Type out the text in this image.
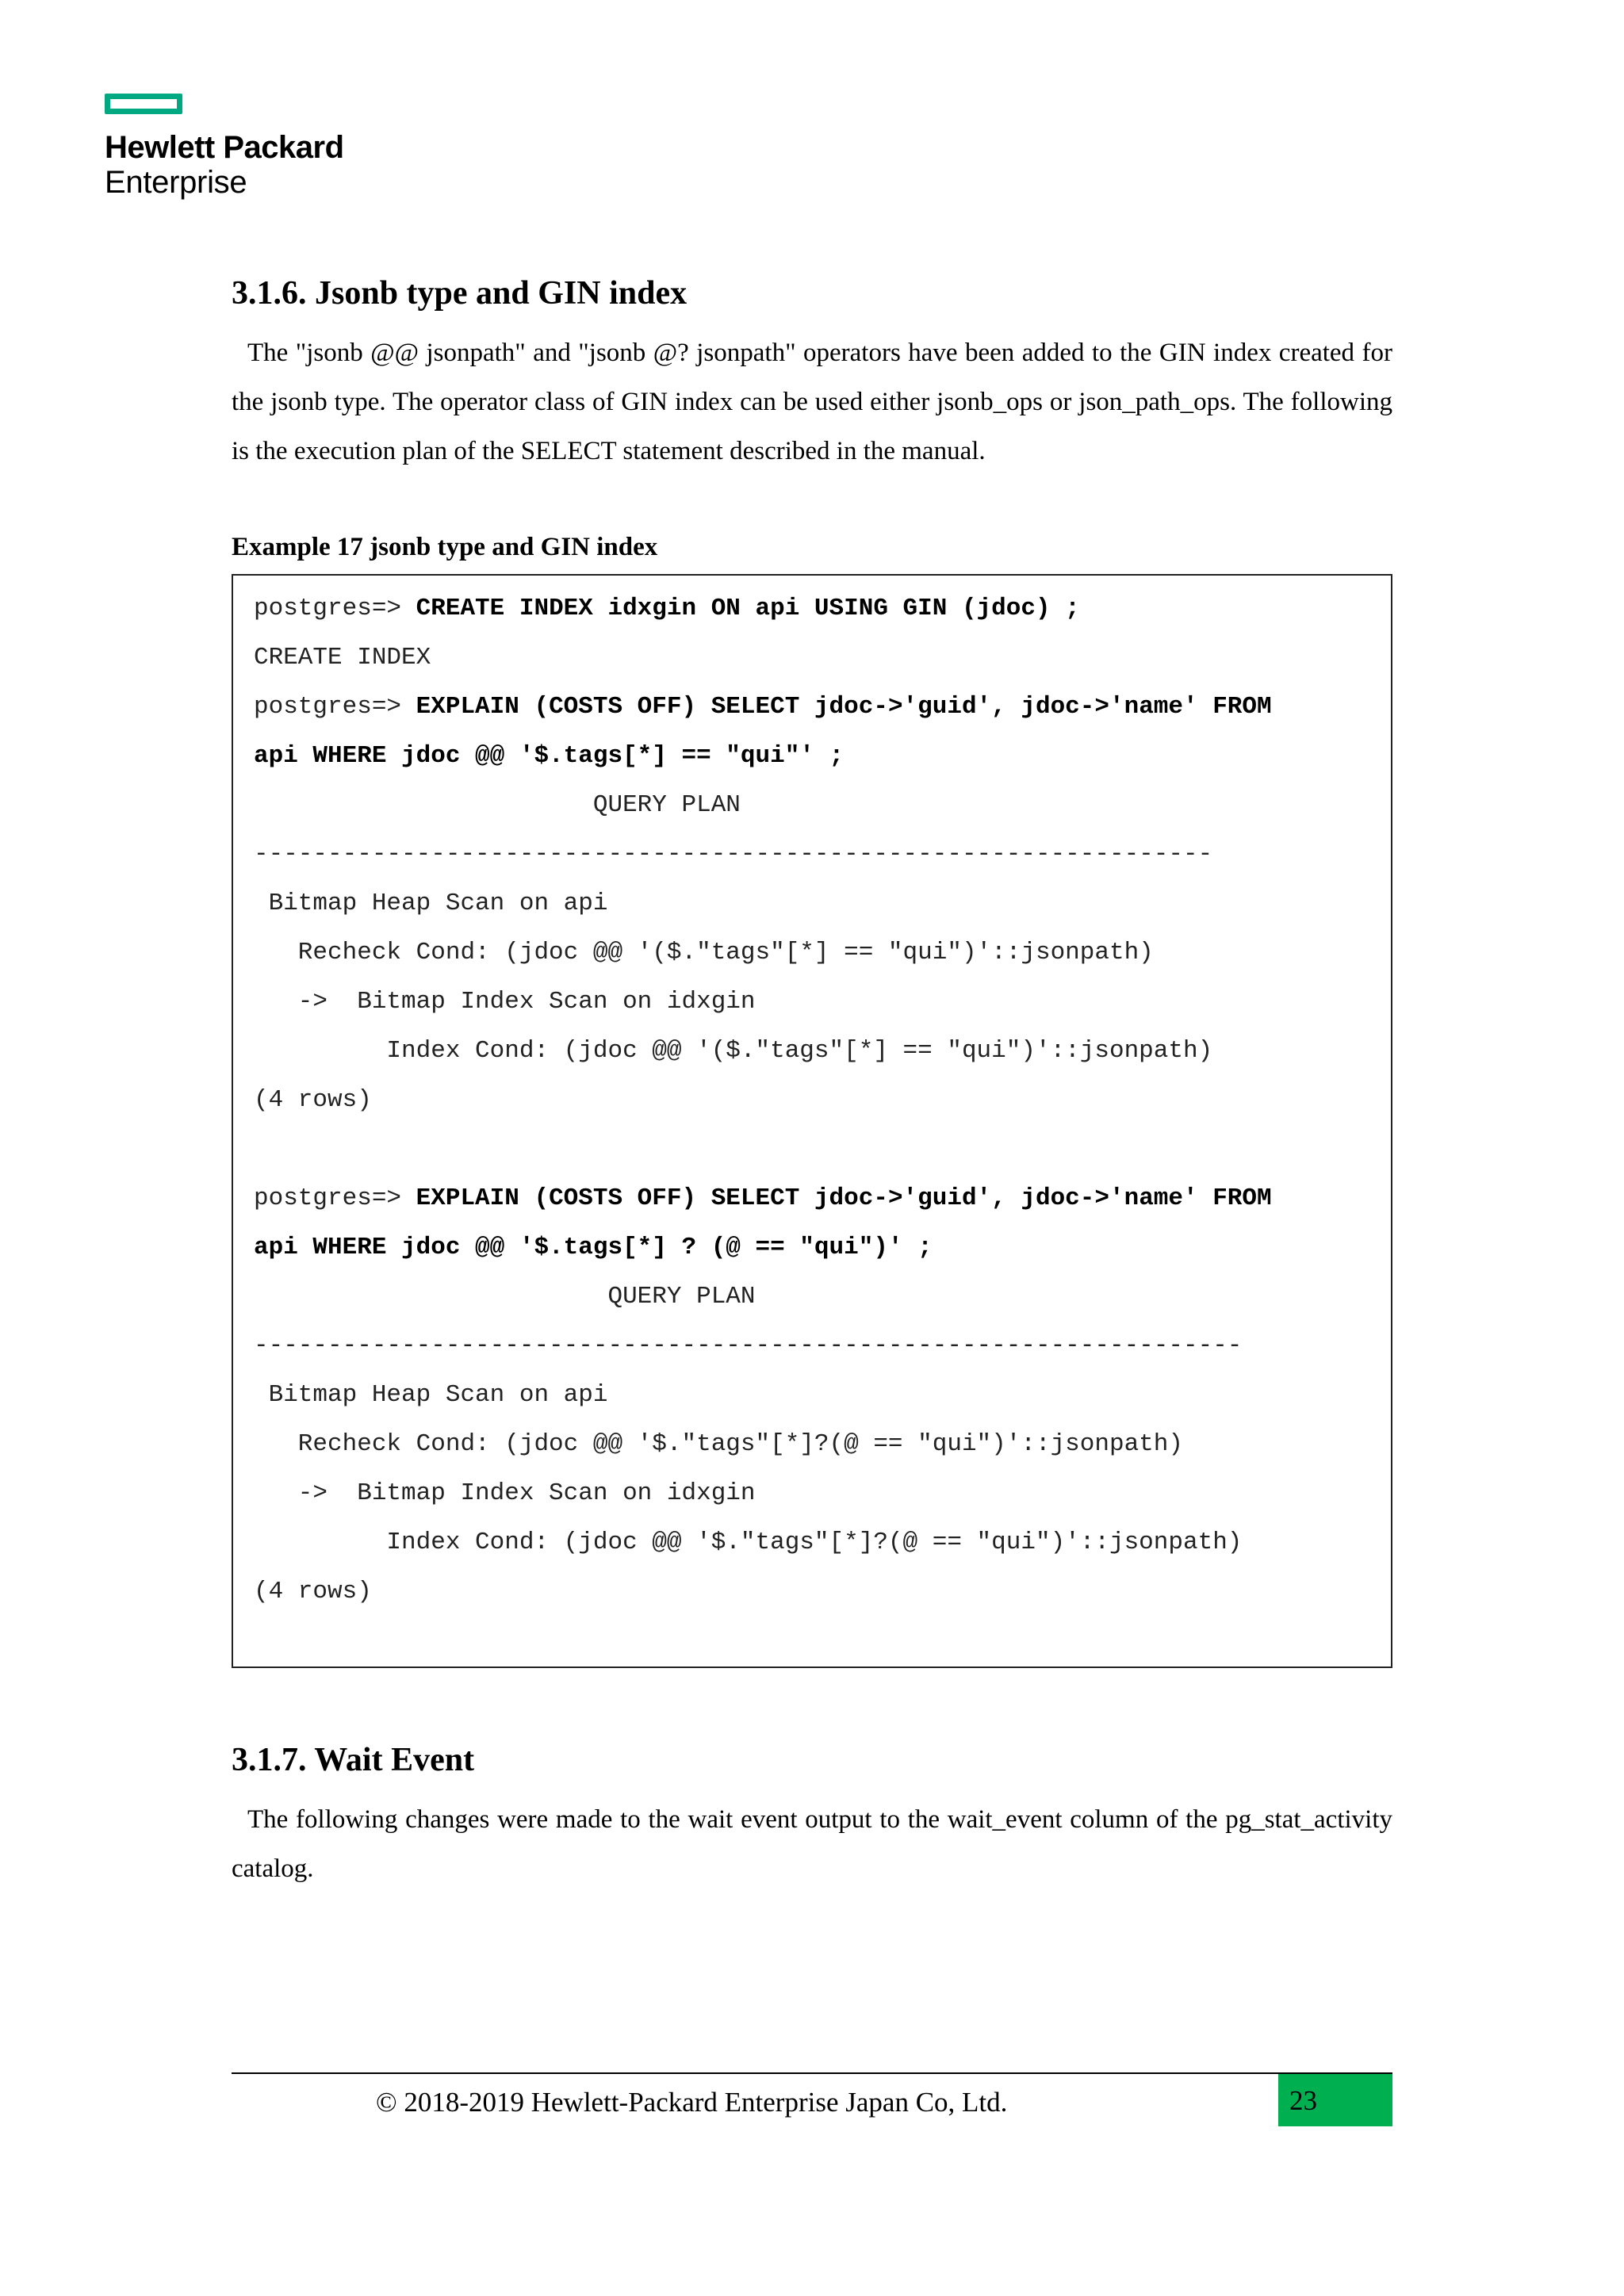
Hewlett Packard
Enterprise
3.1.6. Jsonb type and GIN index

The "jsonb @@ jsonpath" and "jsonb @? jsonpath" operators have been added to the GIN index created for the jsonb type. The operator class of GIN index can be used either jsonb_ops or json_path_ops. The following is the execution plan of the SELECT statement described in the manual.

Example 17 jsonb type and GIN index

postgres=> CREATE INDEX idxgin ON api USING GIN (jdoc) ;
CREATE INDEX
postgres=> EXPLAIN (COSTS OFF) SELECT jdoc->'guid', jdoc->'name' FROM
api WHERE jdoc @@ '$.tags[*] == "qui"' ;
QUERY PLAN
-----------------------------------------------------------------
Bitmap Heap Scan on api
Recheck Cond: (jdoc @@ '($."tags"[*] == "qui")'::jsonpath)
->  Bitmap Index Scan on idxgin
Index Cond: (jdoc @@ '($."tags"[*] == "qui")'::jsonpath)
(4 rows)
postgres=> EXPLAIN (COSTS OFF) SELECT jdoc->'guid', jdoc->'name' FROM
api WHERE jdoc @@ '$.tags[*] ? (@ == "qui")' ;
QUERY PLAN
-------------------------------------------------------------------
Bitmap Heap Scan on api
Recheck Cond: (jdoc @@ '$."tags"[*]?(@ == "qui")'::jsonpath)
->  Bitmap Index Scan on idxgin
Index Cond: (jdoc @@ '$."tags"[*]?(@ == "qui")'::jsonpath)
(4 rows)
3.1.7. Wait Event

The following changes were made to the wait event output to the wait_event column of the pg_stat_activity catalog.

© 2018-2019 Hewlett-Packard Enterprise Japan Co, Ltd.	23
